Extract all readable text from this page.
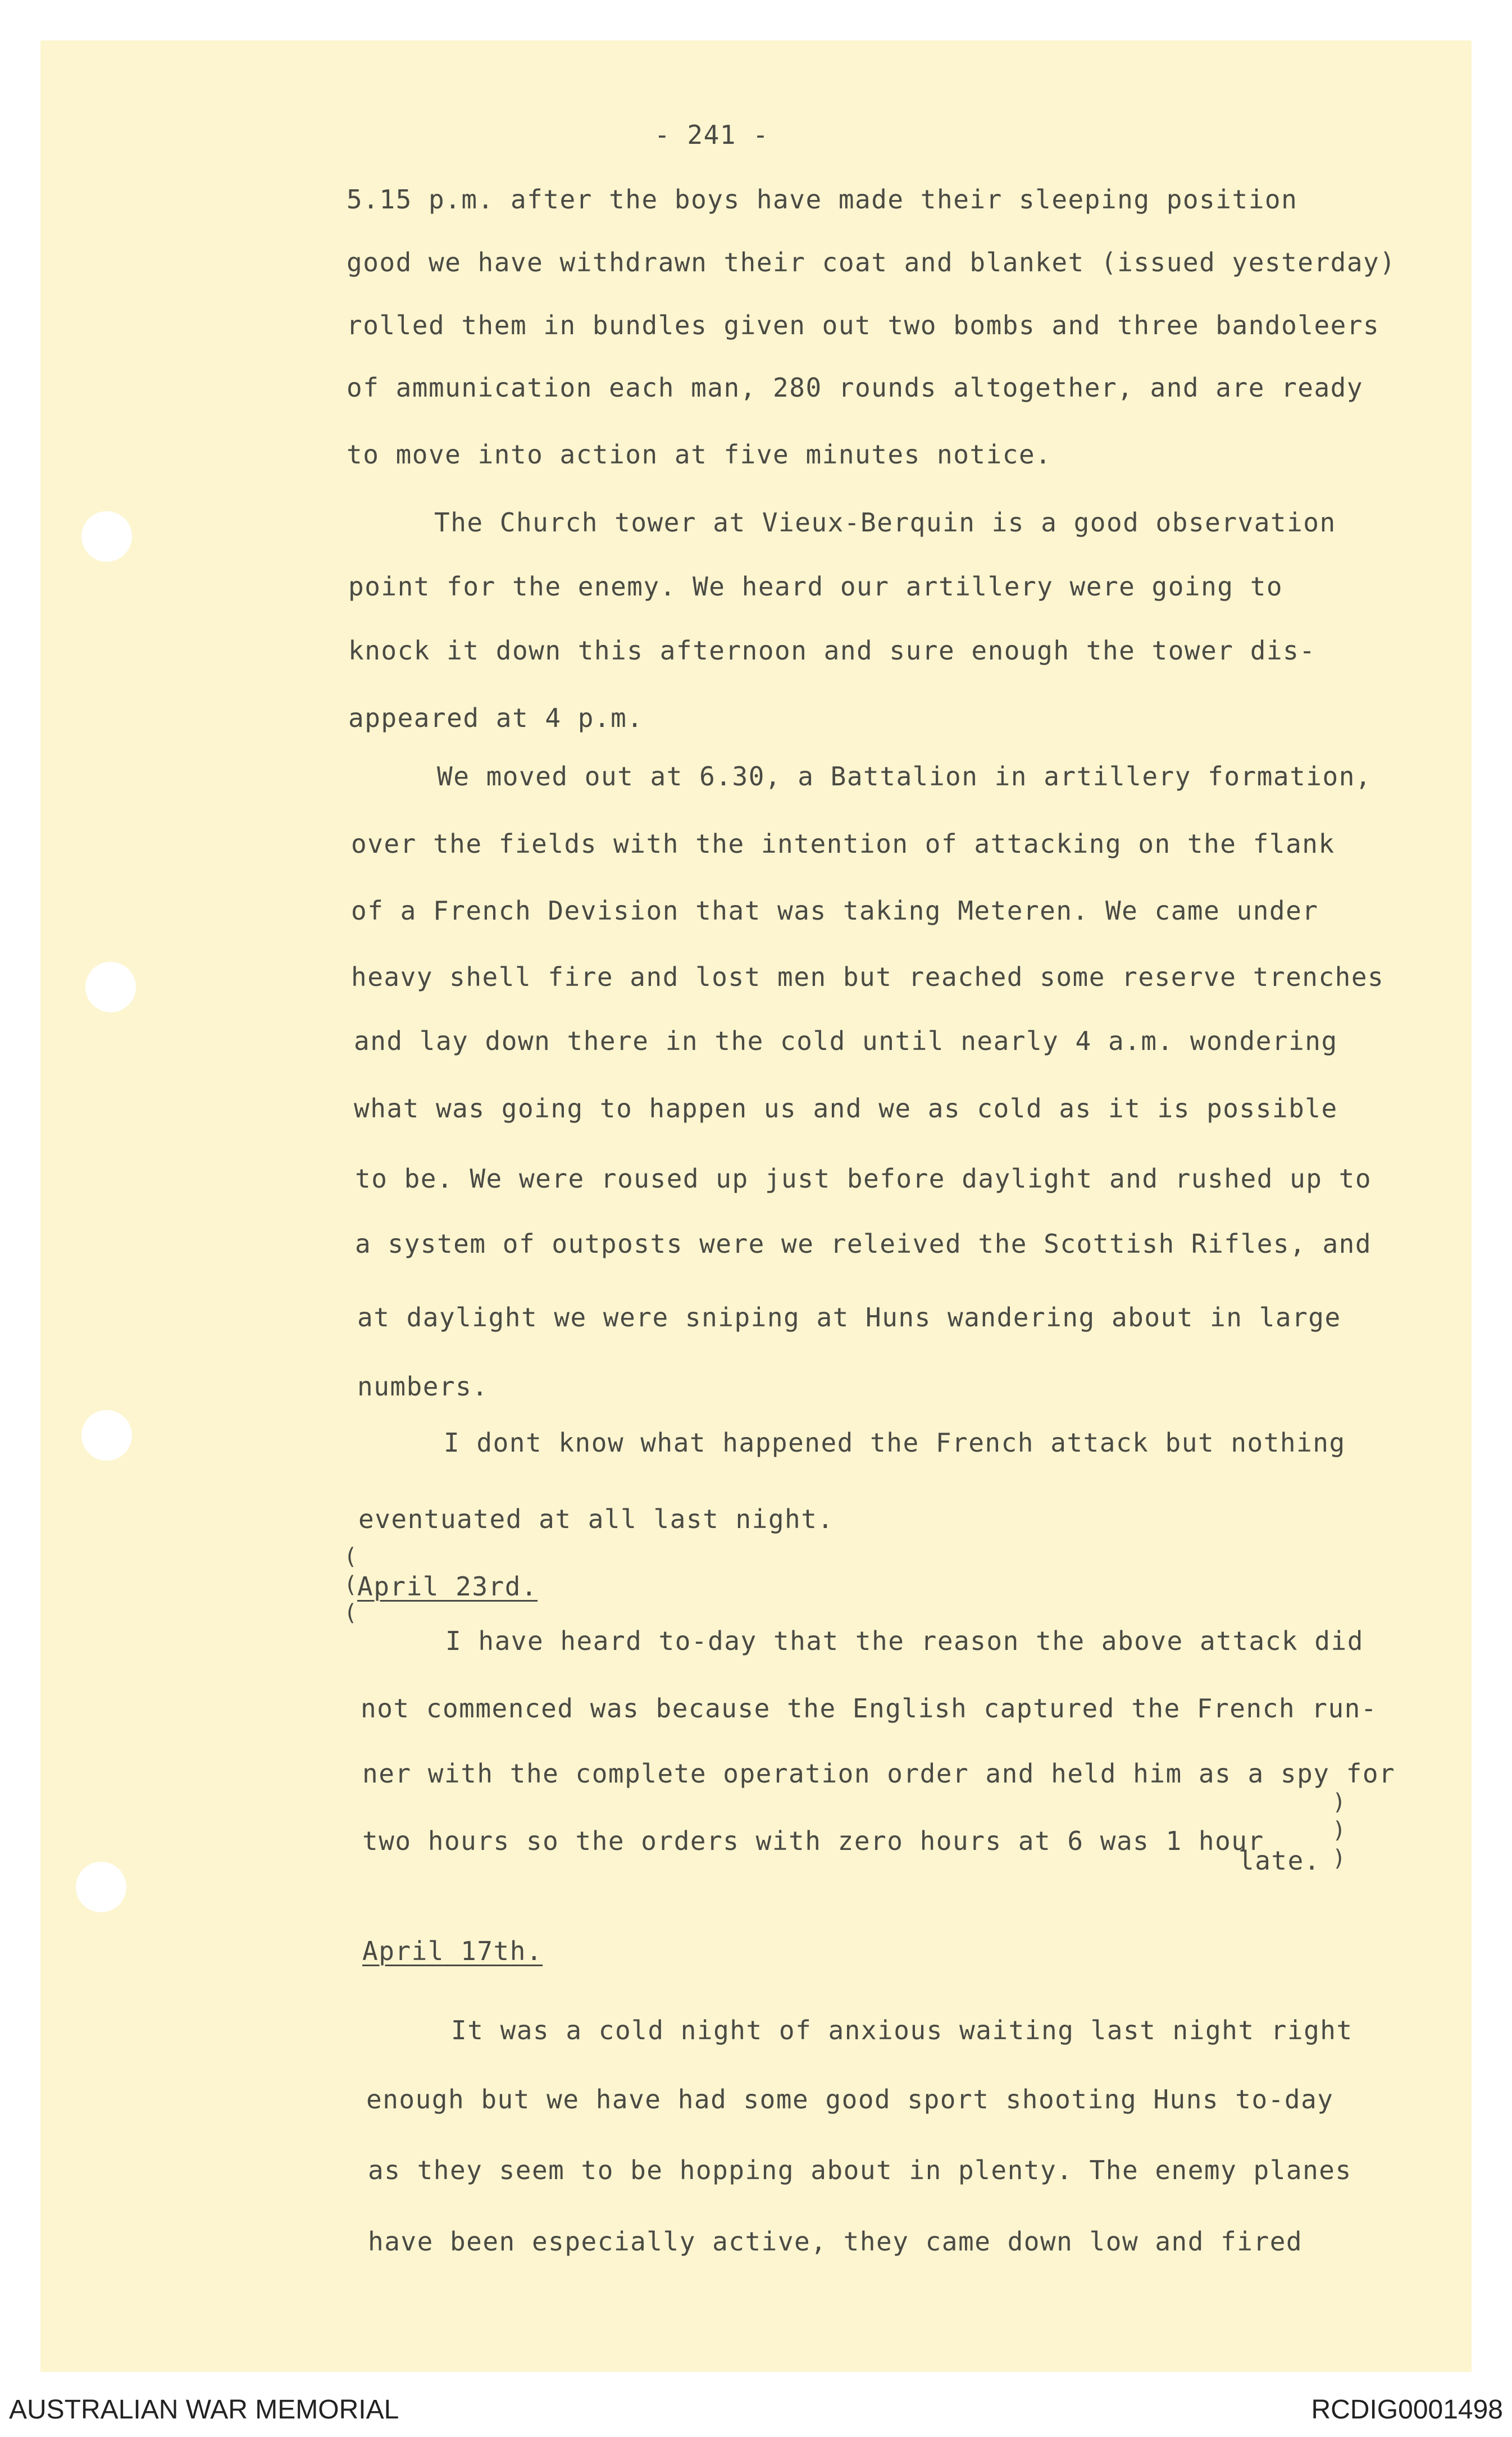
- 241 -
5.15 p.m. after the boys have made their sleeping position
good we have withdrawn their coat and blanket (issued yesterday)
rolled them in bundles given out two bombs and three bandoleers
of ammunication each man, 280 rounds altogether, and are ready
to move into action at five minutes notice.
The Church tower at Vieux-Berquin is a good observation
point for the enemy. We heard our artillery were going to
knock it down this afternoon and sure enough the tower dis-
appeared at 4 p.m.
We moved out at 6.30, a Battalion in artillery formation,
over the fields with the intention of attacking on the flank
of a French Devision that was taking Meteren. We came under
heavy shell fire and lost men but reached some reserve trenches
and lay down there in the cold until nearly 4 a.m. wondering
what was going to happen us and we as cold as it is possible
to be. We were roused up just before daylight and rushed up to
a system of outposts were we releived the Scottish Rifles, and
at daylight we were sniping at Huns wandering about in large
numbers.
I dont know what happened the French attack but nothing
eventuated at all last night.
(
(
(
April 23rd.
I have heard to-day that the reason the above attack did
not commenced was because the English captured the French run-
ner with the complete operation order and held him as a spy for
two hours so the orders with zero hours at 6 was 1 hour
late.
)
)
)
April 17th.
It was a cold night of anxious waiting last night right
enough but we have had some good sport shooting Huns to-day
as they seem to be hopping about in plenty. The enemy planes
have been especially active, they came down low and fired
AUSTRALIAN WAR MEMORIAL	RCDIG0001498
